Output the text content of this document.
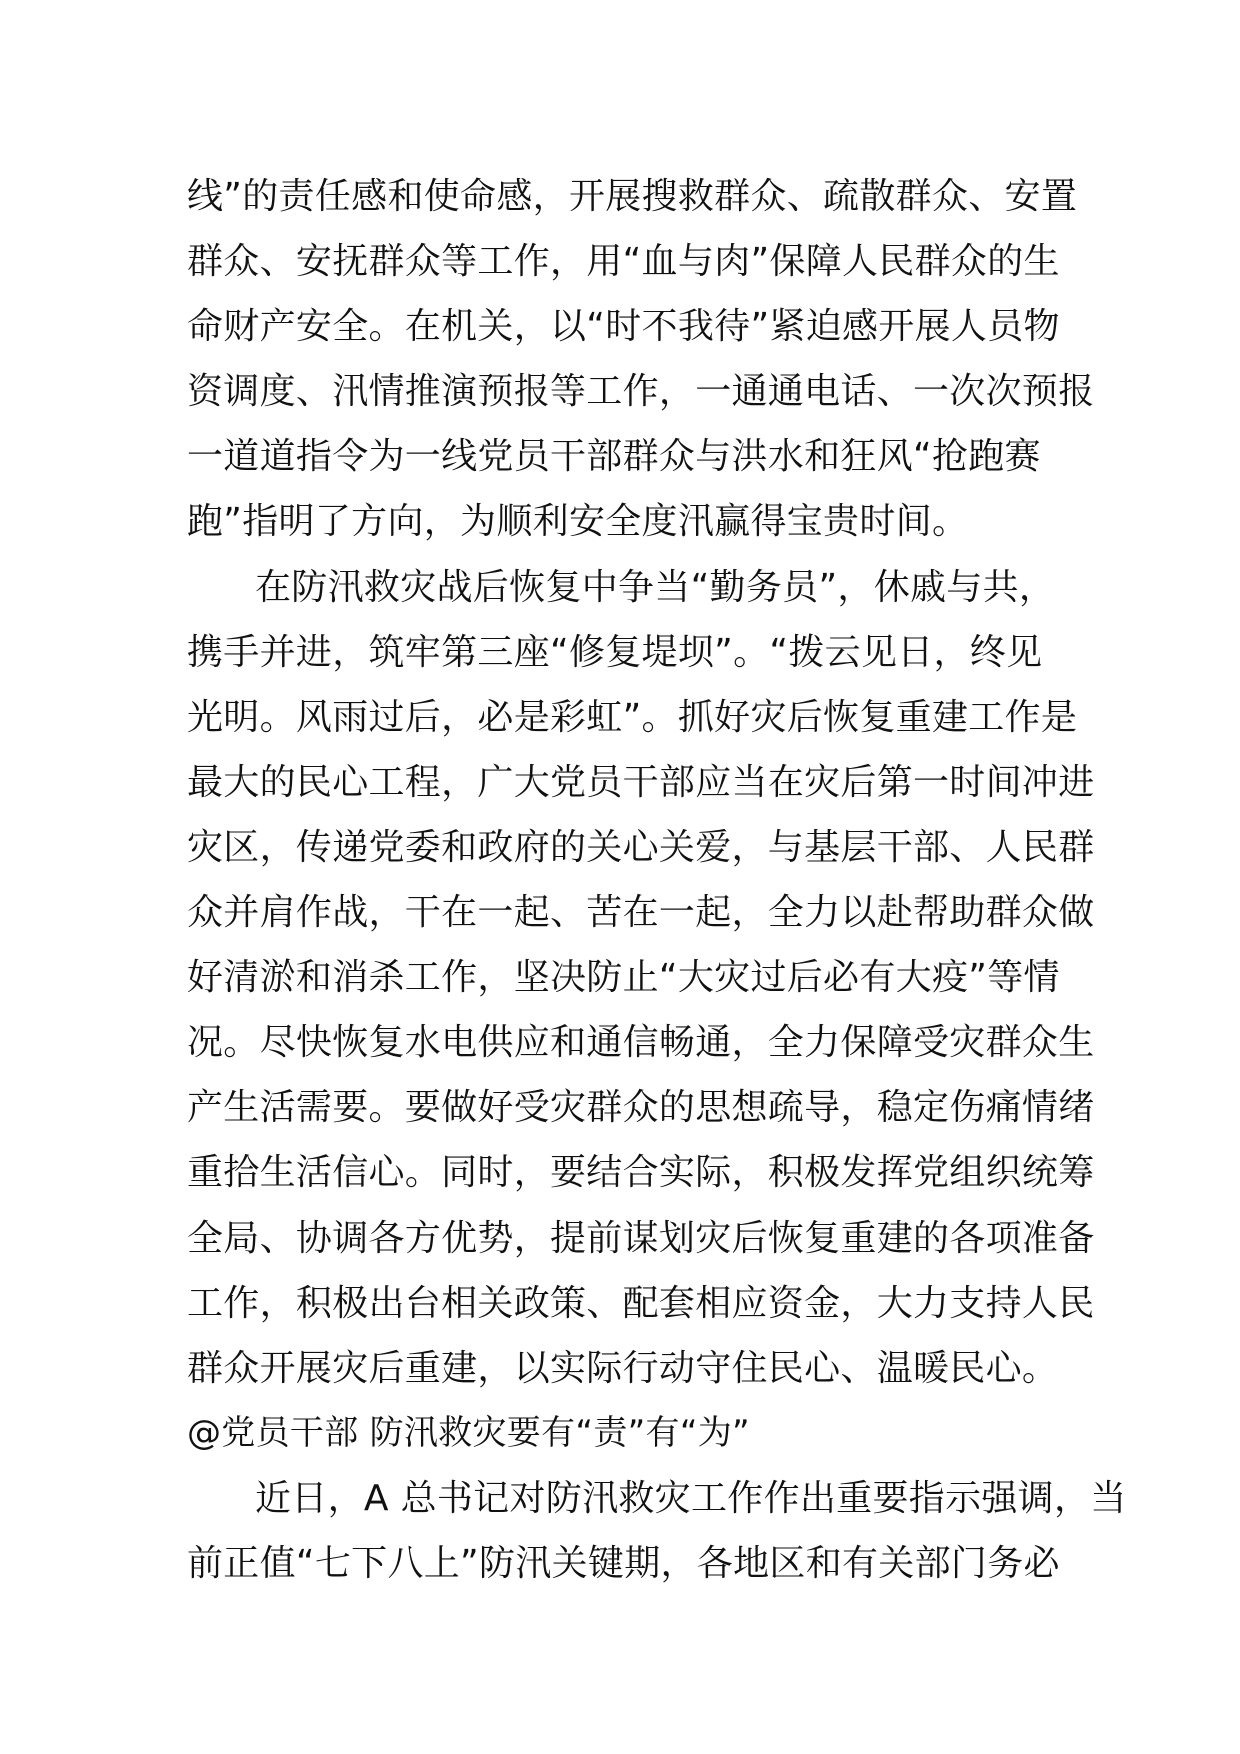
线”的责任感和使命感，开展搜救群众、疏散群众、安置
群众、安抚群众等工作，用“血与肉”保障人民群众的生
命财产安全。在机关，以“时不我待”紧迫感开展人员物
资调度、汛情推演预报等工作，一通通电话、一次次预报
一道道指令为一线党员干部群众与洪水和狂风“抢跑赛
跑”指明了方向，为顺利安全度汛赢得宝贵时间。
在防汛救灾战后恢复中争当“勤务员”，休戚与共，
携手并进，筑牢第三座“修复堤坝”。“拨云见日，终见
光明。风雨过后，必是彩虹”。抓好灾后恢复重建工作是
最大的民心工程，广大党员干部应当在灾后第一时间冲进
灾区，传递党委和政府的关心关爱，与基层干部、人民群
众并肩作战，干在一起、苦在一起，全力以赴帮助群众做
好清淤和消杀工作，坚决防止“大灾过后必有大疫”等情
况。尽快恢复水电供应和通信畅通，全力保障受灾群众生
产生活需要。要做好受灾群众的思想疏导，稳定伤痛情绪
重拾生活信心。同时，要结合实际，积极发挥党组织统筹
全局、协调各方优势，提前谋划灾后恢复重建的各项准备
工作，积极出台相关政策、配套相应资金，大力支持人民
群众开展灾后重建，以实际行动守住民心、温暖民心。
@党员干部 防汛救灾要有“责”有“为”
近日，A 总书记对防汛救灾工作作出重要指示强调，当
前正值“七下八上”防汛关键期，各地区和有关部门务必
